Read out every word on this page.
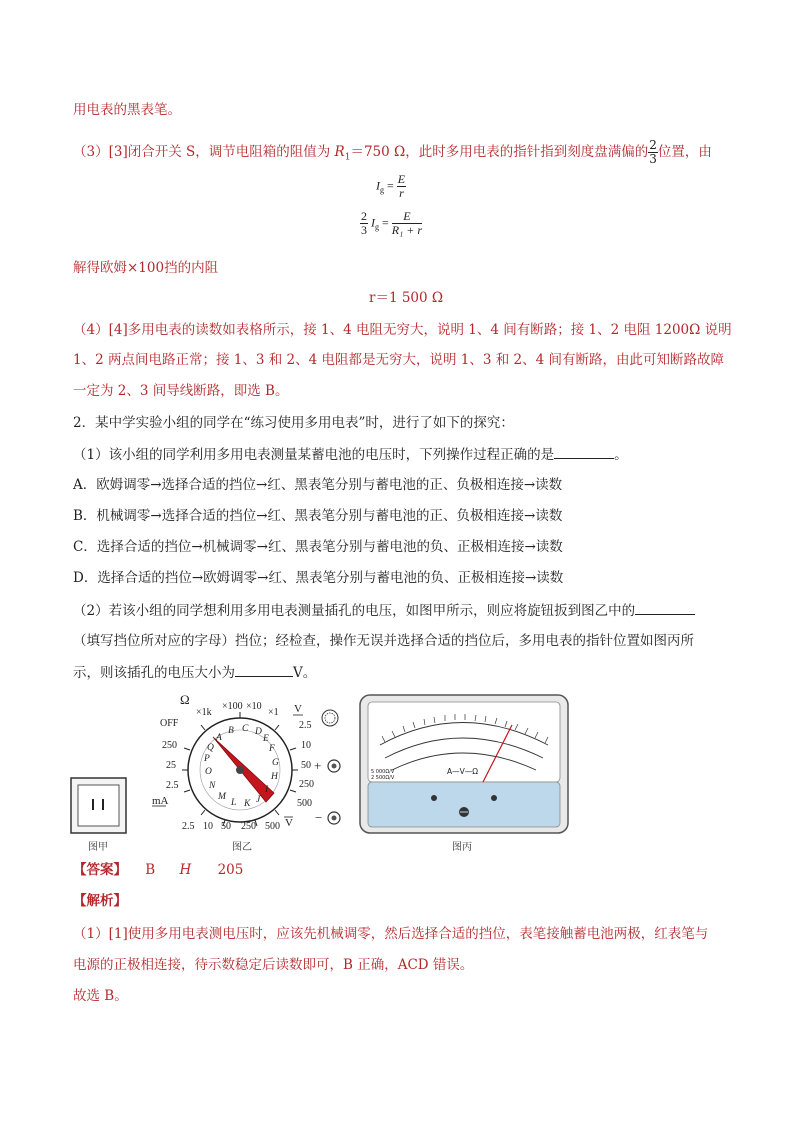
用电表的黑表笔。
（3）[3]闭合开关 S，调节电阻箱的阻值为 $R_1=750$ Ω，此时多用电表的指针指到刻度盘满偏的 $\frac{2}{3}$ 位置，由
$I_g = \frac{E}{r}$
$\frac{2}{3} I_g = \frac{E}{\text{R₁ + r}}$
解得欧姆×100挡的内阻
r＝1 500 Ω
（4）[4]多用电表的读数如表格所示，接 1、4 电阻无穷大，说明 1、4 间有断路；接 1、2 电阻 1200Ω 说明
1、2 两点间电路正常；接 1、3 和 2、4 电阻都是无穷大，说明 1、3 和 2、4 间有断路，由此可知断路故障
一定为 2、3 间导线断路，即选 B。
2．某中学实验小组的同学在“练习使用多用电表”时，进行了如下的探究：
（1）该小组的同学利用多用电表测量某蓄电池的电压时，下列操作过程正确的是	。
A．欧姆调零→选择合适的挡位→红、黑表笔分别与蓄电池的正、负极相连接→读数
B．机械调零→选择合适的挡位→红、黑表笔分别与蓄电池的正、负极相连接→读数
C．选择合适的挡位→机械调零→红、黑表笔分别与蓄电池的负、正极相连接→读数
D．选择合适的挡位→欧姆调零→红、黑表笔分别与蓄电池的负、正极相连接→读数
（2）若该小组的同学想利用多用电表测量插孔的电压，如图甲所示，则应将旋钮扳到图乙中的
（填写挡位所对应的字母）挡位；经检查，操作无误并选择合适的挡位后，多用电表的指针位置如图丙所
示，则该插孔的电压大小为	V。
图甲
A
B C D
E
F
G
H
I
J
K
L
M
N
O
P
Q
Ω
×1k
×100 ×10
×1
OFF
250
25
2.5
mA
2.5 10 50 250 500 V
V
2.5
10
50
250
500
+
−
图乙
A—V—Ω
5 000Ω/V
2 500Ω/V
图丙
【答案】 B H 205
【解析】
（1）[1]使用多用电表测电压时，应该先机械调零，然后选择合适的挡位，表笔接触蓄电池两极，红表笔与
电源的正极相连接，待示数稳定后读数即可，B 正确，ACD 错误。
故选 B。
